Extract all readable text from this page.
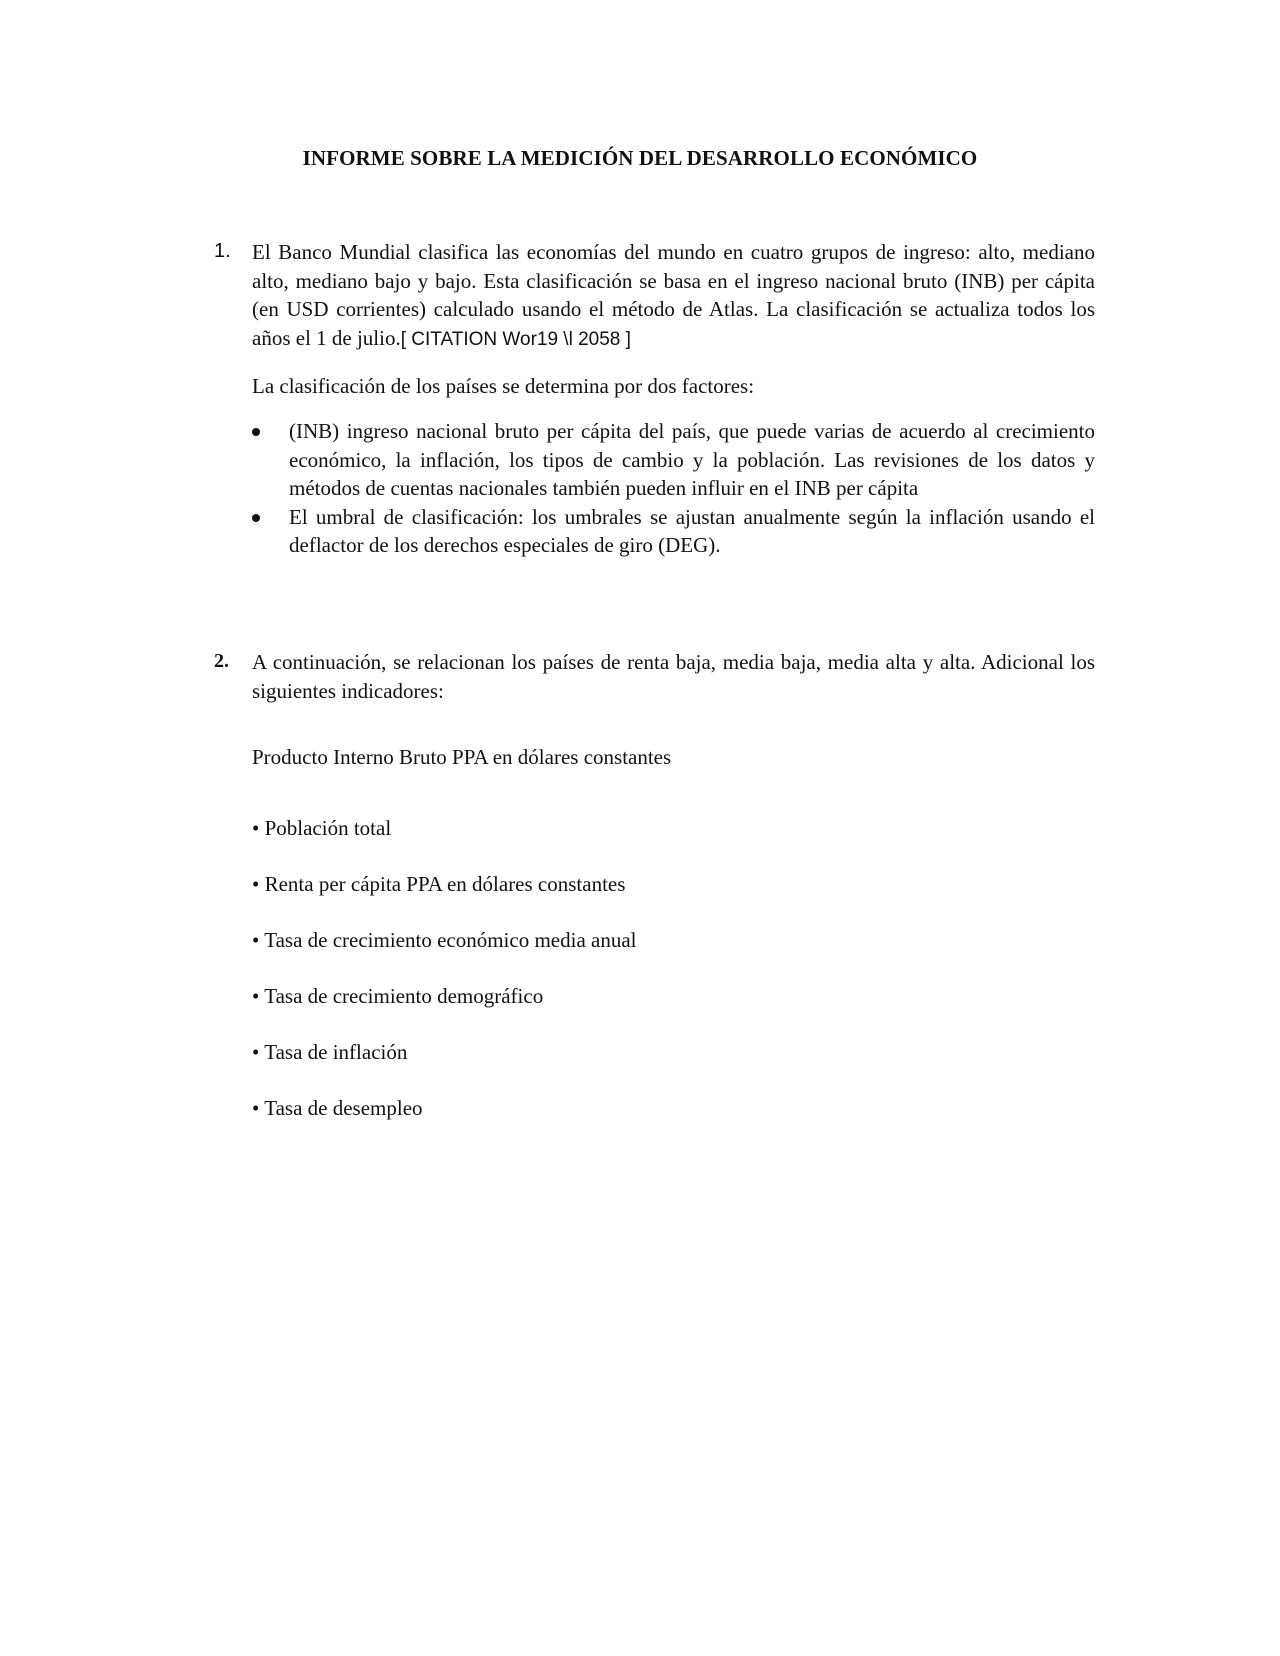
INFORME SOBRE LA MEDICIÓN DEL DESARROLLO ECONÓMICO
1. El Banco Mundial clasifica las economías del mundo en cuatro grupos de ingreso: alto, mediano alto, mediano bajo y bajo. Esta clasificación se basa en el ingreso nacional bruto (INB) per cápita (en USD corrientes) calculado usando el método de Atlas. La clasificación se actualiza todos los años el 1 de julio.[ CITATION Wor19 \l 2058 ]
La clasificación de los países se determina por dos factores:
(INB) ingreso nacional bruto per cápita del país, que puede varias de acuerdo al crecimiento económico, la inflación, los tipos de cambio y la población. Las revisiones de los datos y métodos de cuentas nacionales también pueden influir en el INB per cápita
El umbral de clasificación: los umbrales se ajustan anualmente según la inflación usando el deflactor de los derechos especiales de giro (DEG).
2. A continuación, se relacionan los países de renta baja, media baja, media alta y alta. Adicional los siguientes indicadores:
Producto Interno Bruto PPA en dólares constantes
• Población total
• Renta per cápita PPA en dólares constantes
• Tasa de crecimiento económico media anual
• Tasa de crecimiento demográfico
• Tasa de inflación
• Tasa de desempleo
